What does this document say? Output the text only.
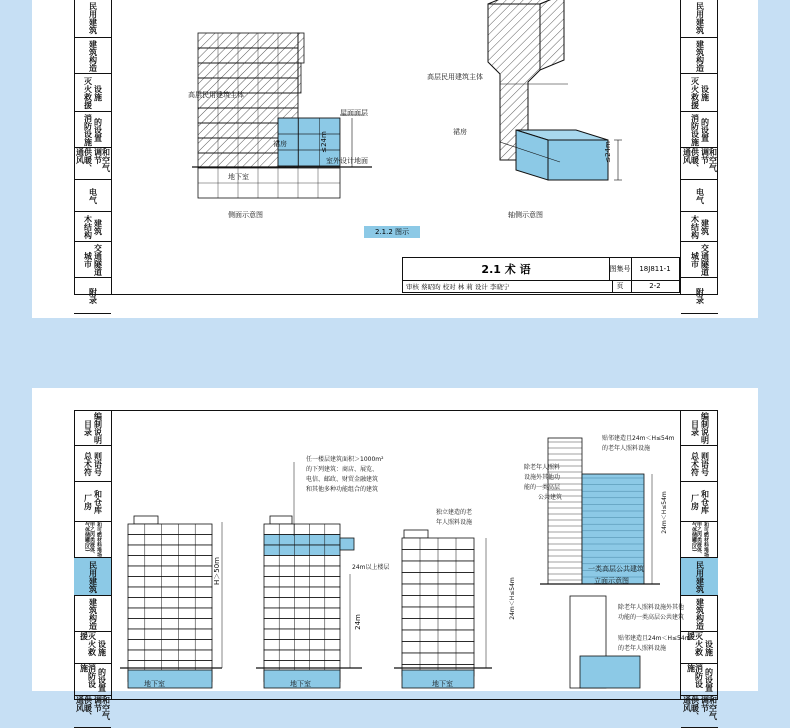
民用建筑
建筑构造
灭火救援 设施
消防设施 的设置
供暖、通风	和空气调节
电气
木结构 建筑
城市 交通隧道
附录
民用建筑
建筑构造
灭火救援 设施
消防设施 的设置
供暖、通风	和空气调节
电气
木结构 建筑
城市 交通隧道
附录
高层民用建筑主体
屋面面层
裙房
室外设计地面
地下室
≤24m
侧面示意图
高层民用建筑主体
裙房
≤24m
轴侧示意图
2.1.2 图示
2.1 术 语	图集号	18J811-1
审核 蔡昭昀 校对 林 莉 设计 李晓宁	页	2-2
目录 编制说明
总术符 则语号
厂房 和仓库
甲乙丙类液体、气体储罐(区)	和可燃材料堆场
民用建筑
建筑构造
灭火救援
设施
消防设施	的设置
供暖、通风	和空气调节
目录 编制说明
总术符 则语号
厂房 和仓库
甲乙丙类液体、气体储罐(区)	和可燃材料堆场
民用建筑
建筑构造
灭火救援
设施
消防设施	的设置
供暖、通风	和空气调节
H＞50m
地下室
任一楼层建筑面积＞1000m²
的下列建筑：商店、展览、
电信、邮政、财贸金融建筑
和其他多种功能组合的建筑
24m以上楼层
24m
地下室
独立建造的老
年人照料设施
24m＜H≤54m
地下室
除老年人照料
设施外其他功
能的一类高层
公共建筑
贴邻建造且24m＜H≤54m
的老年人照料设施
24m＜H≤54m
一类高层公共建筑
立面示意图
除老年人照料设施外其他
功能的一类高层公共建筑
贴邻建造且24m＜H≤54m
的老年人照料设施
